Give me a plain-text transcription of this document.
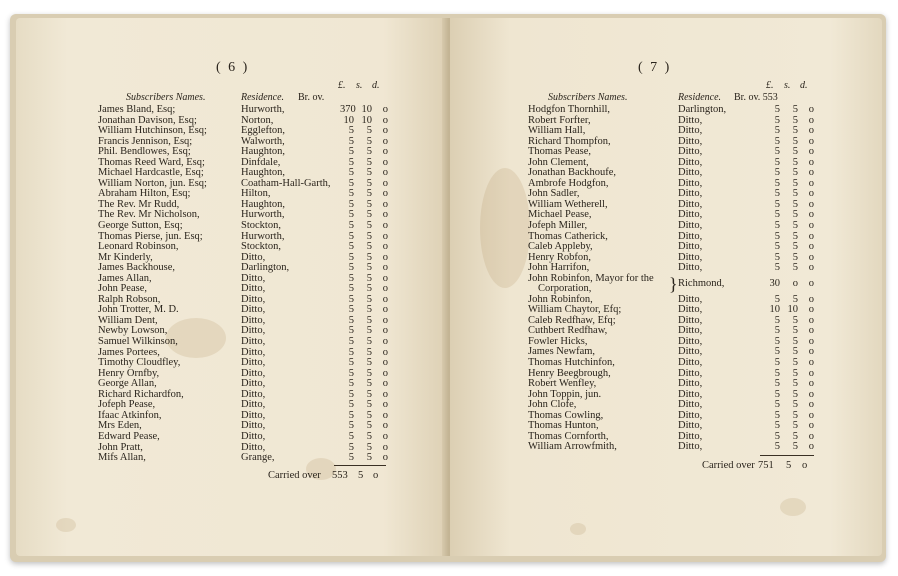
( 6 )
£. s. d.
Subscribers Names.	Residence. Br. ov.
James Bland, Esq;	Hurworth,	370 10	o
Jonathan Davison, Esq;	Norton,	10 10	o
William Hutchinson, Esq;	Egglefton,	5	5	o
Francis Jennison, Esq;	Walworth,	5	5	o
Phil. Bendlowes, Esq;	Haughton,	5	5	o
Thomas Reed Ward, Esq;	Dinfdale,	5	5	o
Michael Hardcastle, Esq;	Haughton,	5	5	o
William Norton, jun. Esq;	Coatham-Hall-Garth,	5	5	o
Abraham Hilton, Esq;	Hilton,	5	5	o
The Rev. Mr Rudd,	Haughton,	5	5	o
The Rev. Mr Nicholson,	Hurworth,	5	5	o
George Sutton, Esq;	Stockton,	5	5	o
Thomas Pierse, jun. Esq;	Hurworth,	5	5	o
Leonard Robinson,	Stockton,	5	5	o
Mr Kinderly,	Ditto,	5	5	o
James Backhouse,	Darlington,	5	5	o
James Allan,	Ditto,	5	5	o
John Pease,	Ditto,	5	5	o
Ralph Robson,	Ditto,	5	5	o
John Trotter, M. D.	Ditto,	5	5	o
William Dent,	Ditto,	5	5	o
Newby Lowson,	Ditto,	5	5	o
Samuel Wilkinson,	Ditto,	5	5	o
James Portees,	Ditto,	5	5	o
Timothy Cloudfley,	Ditto,	5	5	o
Henry Ornfby,	Ditto,	5	5	o
George Allan,	Ditto,	5	5	o
Richard Richardfon,	Ditto,	5	5	o
Jofeph Pease,	Ditto,	5	5	o
Ifaac Atkinfon,	Ditto,	5	5	o
Mrs Eden,	Ditto,	5	5	o
Edward Pease,	Ditto,	5	5	o
John Pratt,	Ditto,	5	5	o
Mifs Allan,	Grange,	5	5	o
Carried over 553 5 o
( 7 )
£. s. d.
Subscribers Names.	Residence. Br. ov. 553
Hodgfon Thornhill,	Darlington,	5	5	o
Robert Forfter,	Ditto,	5	5	o
William Hall,	Ditto,	5	5	o
Richard Thompfon,	Ditto,	5	5	o
Thomas Pease,	Ditto,	5	5	o
John Clement,	Ditto,	5	5	o
Jonathan Backhoufe,	Ditto,	5	5	o
Ambrofe Hodgfon,	Ditto,	5	5	o
John Sadler,	Ditto,	5	5	o
William Wetherell,	Ditto,	5	5	o
Michael Pease,	Ditto,	5	5	o
Jofeph Miller,	Ditto,	5	5	o
Thomas Catherick,	Ditto,	5	5	o
Caleb Appleby,	Ditto,	5	5	o
Henry Robfon,	Ditto,	5	5	o
John Harrifon,	Ditto,	5	5	o
John Robinfon, Mayor for the Richmond,	30	o	o
Corporation,	}
John Robinfon,	Ditto,	5	5	o
William Chaytor, Efq;	Ditto,	10 10	o
Caleb Redfhaw, Efq;	Ditto,	5	5	o
Cuthbert Redfhaw,	Ditto,	5	5	o
Fowler Hicks,	Ditto,	5	5	o
James Newfam,	Ditto,	5	5	o
Thomas Hutchinfon,	Ditto,	5	5	o
Henry Beegbrough,	Ditto,	5	5	o
Robert Wenfley,	Ditto,	5	5	o
John Toppin, jun.	Ditto,	5	5	o
John Clofe,	Ditto,	5	5	o
Thomas Cowling,	Ditto,	5	5	o
Thomas Hunton,	Ditto,	5	5	o
Thomas Cornforth,	Ditto,	5	5	o
William Arrowfmith,	Ditto,	5	5	o
Carried over 751 5 o
